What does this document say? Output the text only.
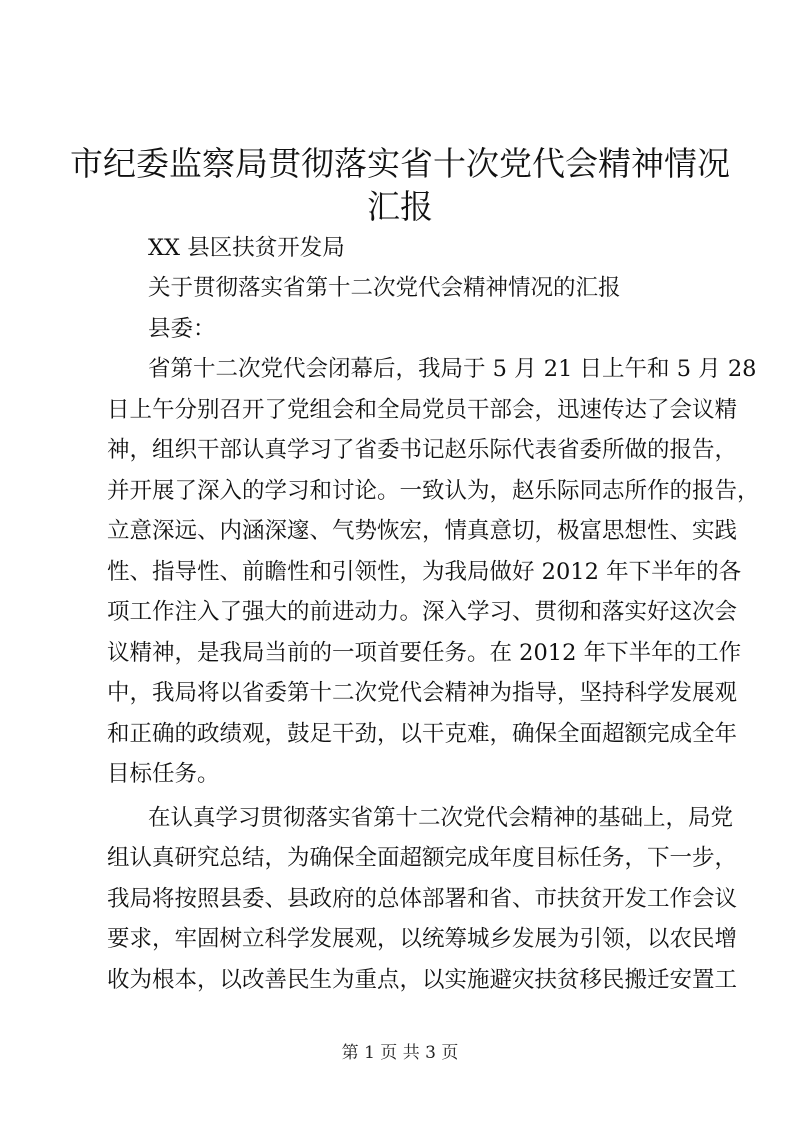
市纪委监察局贯彻落实省十次党代会精神情况
汇报
XX 县区扶贫开发局
关于贯彻落实省第十二次党代会精神情况的汇报
县委：
省第十二次党代会闭幕后，我局于 5 月 21 日上午和 5 月 28
日上午分别召开了党组会和全局党员干部会，迅速传达了会议精
神，组织干部认真学习了省委书记赵乐际代表省委所做的报告，
并开展了深入的学习和讨论。一致认为，赵乐际同志所作的报告，
立意深远、内涵深邃、气势恢宏，情真意切，极富思想性、实践
性、指导性、前瞻性和引领性，为我局做好 2012 年下半年的各
项工作注入了强大的前进动力。深入学习、贯彻和落实好这次会
议精神，是我局当前的一项首要任务。在 2012 年下半年的工作
中，我局将以省委第十二次党代会精神为指导，坚持科学发展观
和正确的政绩观，鼓足干劲，以干克难，确保全面超额完成全年
目标任务。
在认真学习贯彻落实省第十二次党代会精神的基础上，局党
组认真研究总结，为确保全面超额完成年度目标任务，下一步，
我局将按照县委、县政府的总体部署和省、市扶贫开发工作会议
要求，牢固树立科学发展观，以统筹城乡发展为引领，以农民增
收为根本，以改善民生为重点，以实施避灾扶贫移民搬迁安置工
第 1 页 共 3 页
